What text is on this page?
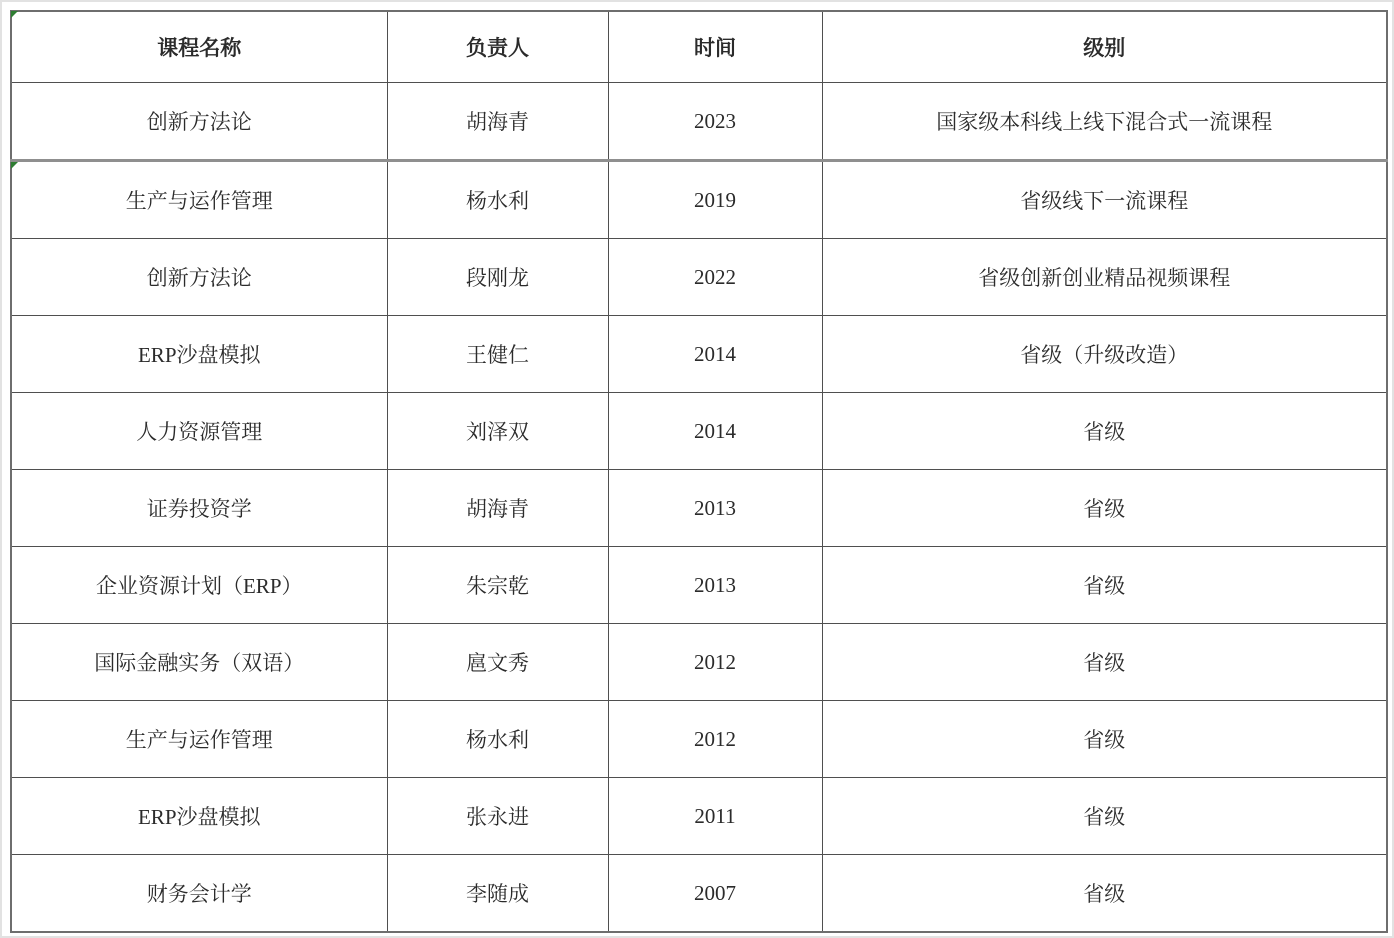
课程名称	负责人	时间	级别
创新方法论	胡海青	2023	国家级本科线上线下混合式一流课程
生产与运作管理	杨水利	2019	省级线下一流课程
创新方法论	段刚龙	2022	省级创新创业精品视频课程
ERP沙盘模拟	王健仁	2014	省级（升级改造）
人力资源管理	刘泽双	2014	省级
证券投资学	胡海青	2013	省级
企业资源计划（ERP）	朱宗乾	2013	省级
国际金融实务（双语）	扈文秀	2012	省级
生产与运作管理	杨水利	2012	省级
ERP沙盘模拟	张永进	2011	省级
财务会计学	李随成	2007	省级
